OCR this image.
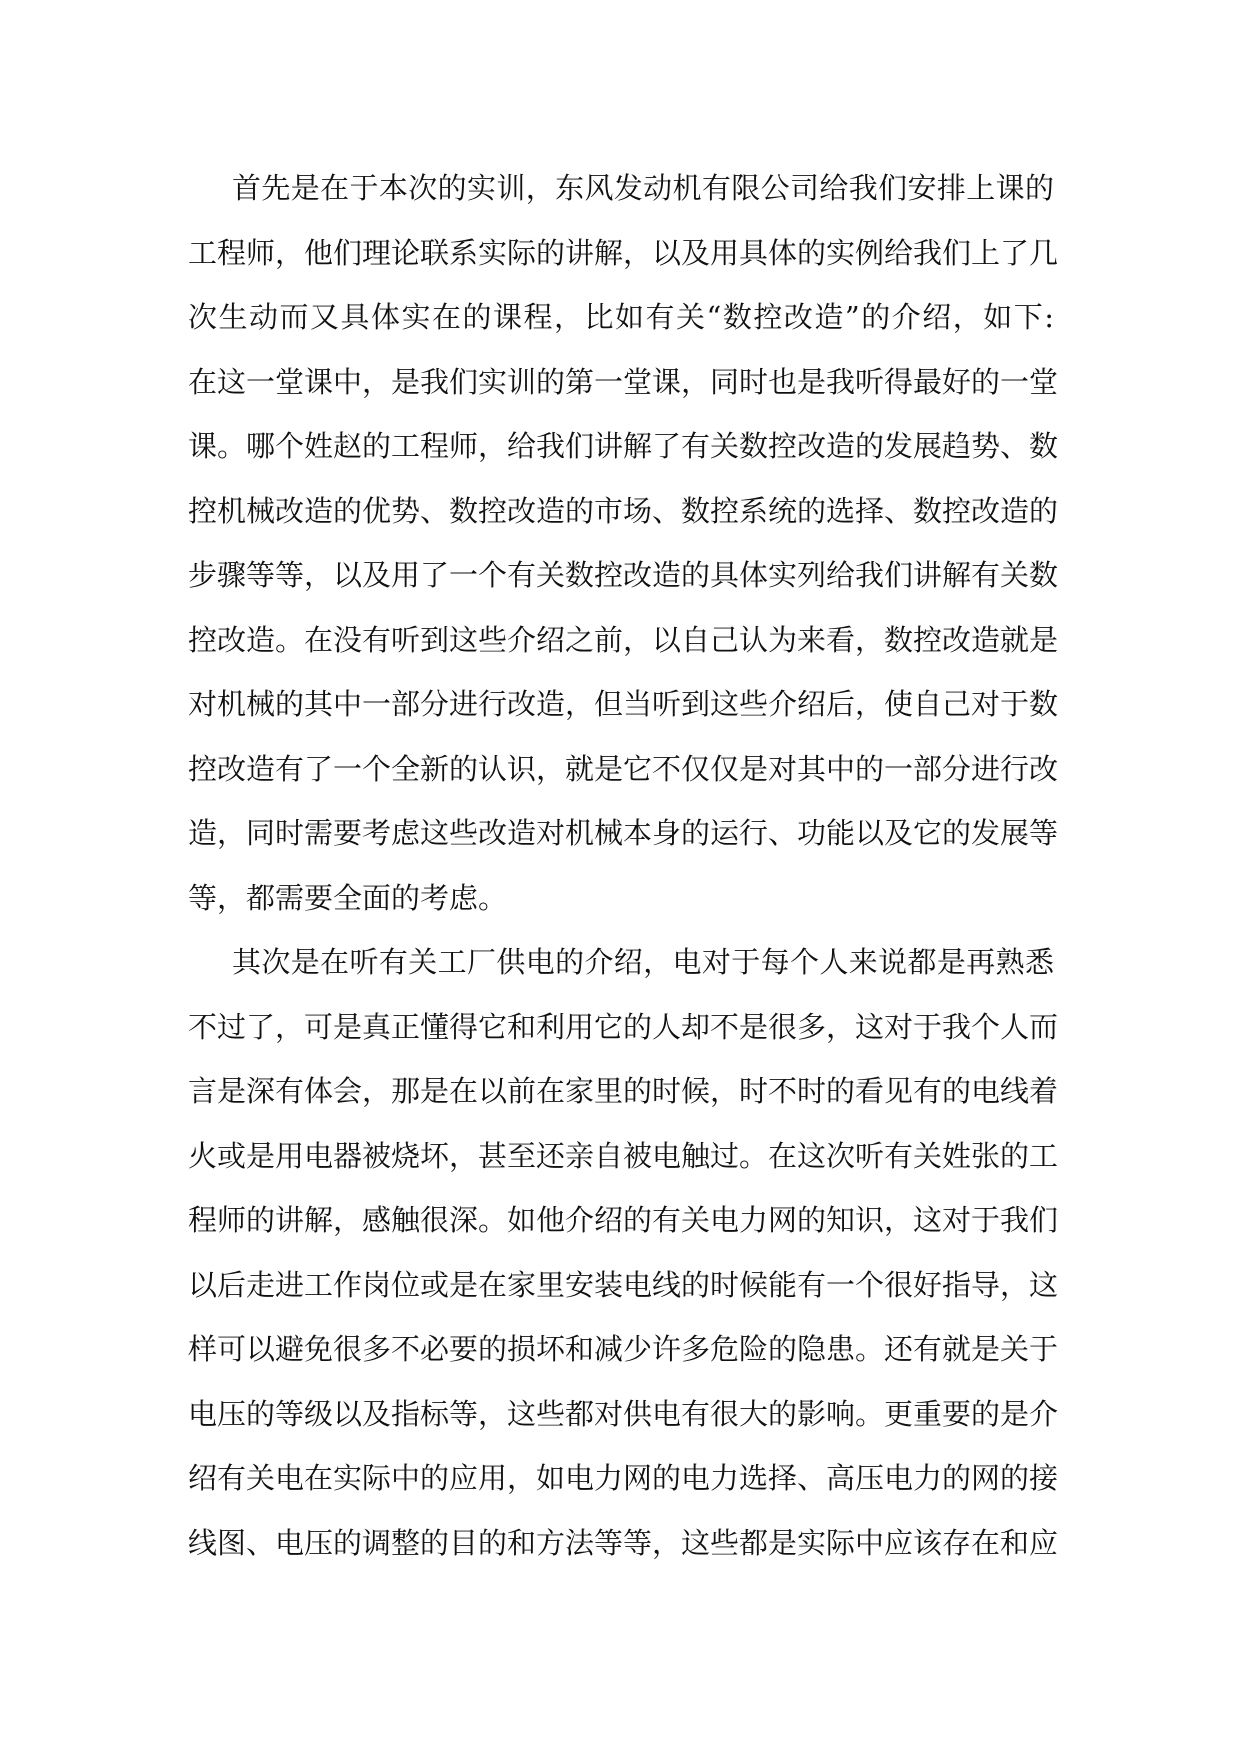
首先是在于本次的实训，东风发动机有限公司给我们安排上课的
工程师，他们理论联系实际的讲解，以及用具体的实例给我们上了几
次生动而又具体实在的课程，比如有关“数控改造”的介绍，如下:
在这一堂课中，是我们实训的第一堂课，同时也是我听得最好的一堂
课。哪个姓赵的工程师，给我们讲解了有关数控改造的发展趋势、数
控机械改造的优势、数控改造的市场、数控系统的选择、数控改造的
步骤等等，以及用了一个有关数控改造的具体实列给我们讲解有关数
控改造。在没有听到这些介绍之前，以自己认为来看，数控改造就是
对机械的其中一部分进行改造，但当听到这些介绍后，使自己对于数
控改造有了一个全新的认识，就是它不仅仅是对其中的一部分进行改
造，同时需要考虑这些改造对机械本身的运行、功能以及它的发展等
等，都需要全面的考虑。
其次是在听有关工厂供电的介绍，电对于每个人来说都是再熟悉
不过了，可是真正懂得它和利用它的人却不是很多，这对于我个人而
言是深有体会，那是在以前在家里的时候，时不时的看见有的电线着
火或是用电器被烧坏，甚至还亲自被电触过。在这次听有关姓张的工
程师的讲解，感触很深。如他介绍的有关电力网的知识，这对于我们
以后走进工作岗位或是在家里安装电线的时候能有一个很好指导，这
样可以避免很多不必要的损坏和减少许多危险的隐患。还有就是关于
电压的等级以及指标等，这些都对供电有很大的影响。更重要的是介
绍有关电在实际中的应用，如电力网的电力选择、高压电力的网的接
线图、电压的调整的目的和方法等等，这些都是实际中应该存在和应
